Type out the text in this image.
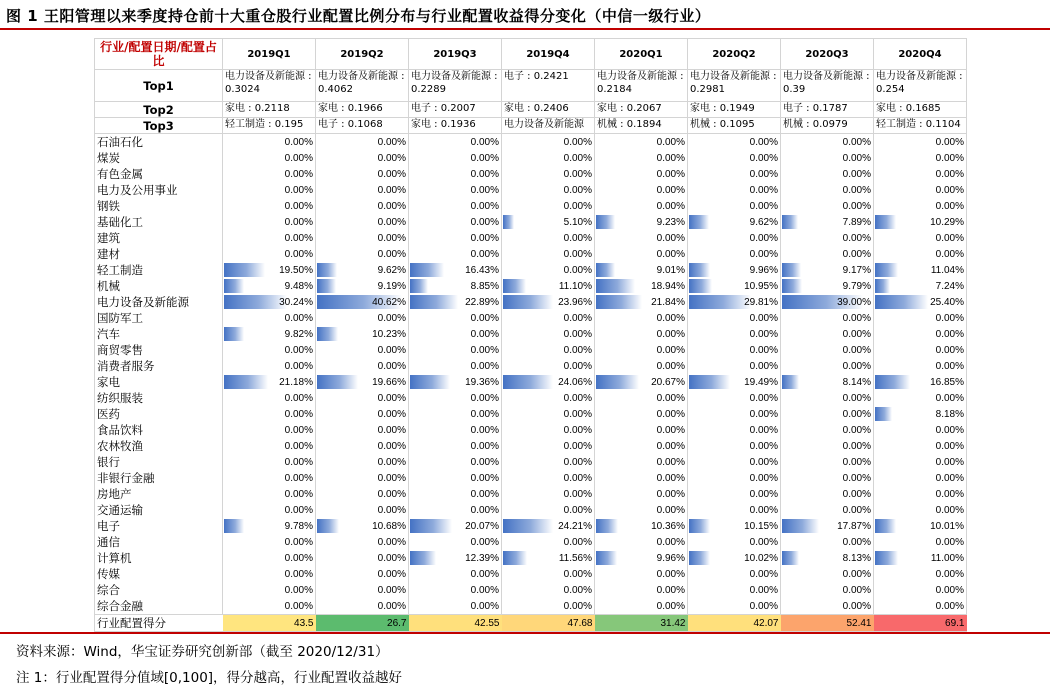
图 1 王阳管理以来季度持仓前十大重仓股行业配置比例分布与行业配置收益得分变化（中信一级行业）
行业/配置日期/配置占比	2019Q1	2019Q2	2019Q3	2019Q4	2020Q1	2020Q2	2020Q3	2020Q4
Top1	电力设备及新能源 : 0.3024	电力设备及新能源 : 0.4062	电力设备及新能源 : 0.2289	电子 : 0.2421	电力设备及新能源 : 0.2184	电力设备及新能源 : 0.2981	电力设备及新能源 : 0.39	电力设备及新能源 : 0.254
Top2	家电 : 0.2118	家电 : 0.1966	电子 : 0.2007	家电 : 0.2406	家电 : 0.2067	家电 : 0.1949	电子 : 0.1787	家电 : 0.1685
Top3	轻工制造 : 0.195	电子 : 0.1068	家电 : 0.1936	电力设备及新能源	机械 : 0.1894	机械 : 0.1095	机械 : 0.0979	轻工制造 : 0.1104
石油石化	0.00%	0.00%	0.00%	0.00%	0.00%	0.00%	0.00%	0.00%
煤炭	0.00%	0.00%	0.00%	0.00%	0.00%	0.00%	0.00%	0.00%
有色金属	0.00%	0.00%	0.00%	0.00%	0.00%	0.00%	0.00%	0.00%
电力及公用事业	0.00%	0.00%	0.00%	0.00%	0.00%	0.00%	0.00%	0.00%
钢铁	0.00%	0.00%	0.00%	0.00%	0.00%	0.00%	0.00%	0.00%
基础化工	0.00%	0.00%	0.00%	5.10%	9.23%	9.62%	7.89%	10.29%
建筑	0.00%	0.00%	0.00%	0.00%	0.00%	0.00%	0.00%	0.00%
建材	0.00%	0.00%	0.00%	0.00%	0.00%	0.00%	0.00%	0.00%
轻工制造	19.50%	9.62%	16.43%	0.00%	9.01%	9.96%	9.17%	11.04%
机械	9.48%	9.19%	8.85%	11.10%	18.94%	10.95%	9.79%	7.24%
电力设备及新能源	30.24%	40.62%	22.89%	23.96%	21.84%	29.81%	39.00%	25.40%
国防军工	0.00%	0.00%	0.00%	0.00%	0.00%	0.00%	0.00%	0.00%
汽车	9.82%	10.23%	0.00%	0.00%	0.00%	0.00%	0.00%	0.00%
商贸零售	0.00%	0.00%	0.00%	0.00%	0.00%	0.00%	0.00%	0.00%
消费者服务	0.00%	0.00%	0.00%	0.00%	0.00%	0.00%	0.00%	0.00%
家电	21.18%	19.66%	19.36%	24.06%	20.67%	19.49%	8.14%	16.85%
纺织服装	0.00%	0.00%	0.00%	0.00%	0.00%	0.00%	0.00%	0.00%
医药	0.00%	0.00%	0.00%	0.00%	0.00%	0.00%	0.00%	8.18%
食品饮料	0.00%	0.00%	0.00%	0.00%	0.00%	0.00%	0.00%	0.00%
农林牧渔	0.00%	0.00%	0.00%	0.00%	0.00%	0.00%	0.00%	0.00%
银行	0.00%	0.00%	0.00%	0.00%	0.00%	0.00%	0.00%	0.00%
非银行金融	0.00%	0.00%	0.00%	0.00%	0.00%	0.00%	0.00%	0.00%
房地产	0.00%	0.00%	0.00%	0.00%	0.00%	0.00%	0.00%	0.00%
交通运输	0.00%	0.00%	0.00%	0.00%	0.00%	0.00%	0.00%	0.00%
电子	9.78%	10.68%	20.07%	24.21%	10.36%	10.15%	17.87%	10.01%
通信	0.00%	0.00%	0.00%	0.00%	0.00%	0.00%	0.00%	0.00%
计算机	0.00%	0.00%	12.39%	11.56%	9.96%	10.02%	8.13%	11.00%
传媒	0.00%	0.00%	0.00%	0.00%	0.00%	0.00%	0.00%	0.00%
综合	0.00%	0.00%	0.00%	0.00%	0.00%	0.00%	0.00%	0.00%
综合金融	0.00%	0.00%	0.00%	0.00%	0.00%	0.00%	0.00%	0.00%
行业配置得分	43.5	26.7	42.55	47.68	31.42	42.07	52.41	69.1
资料来源：Wind，华宝证券研究创新部（截至 2020/12/31）
注 1：行业配置得分值域[0,100]，得分越高，行业配置收益越好
